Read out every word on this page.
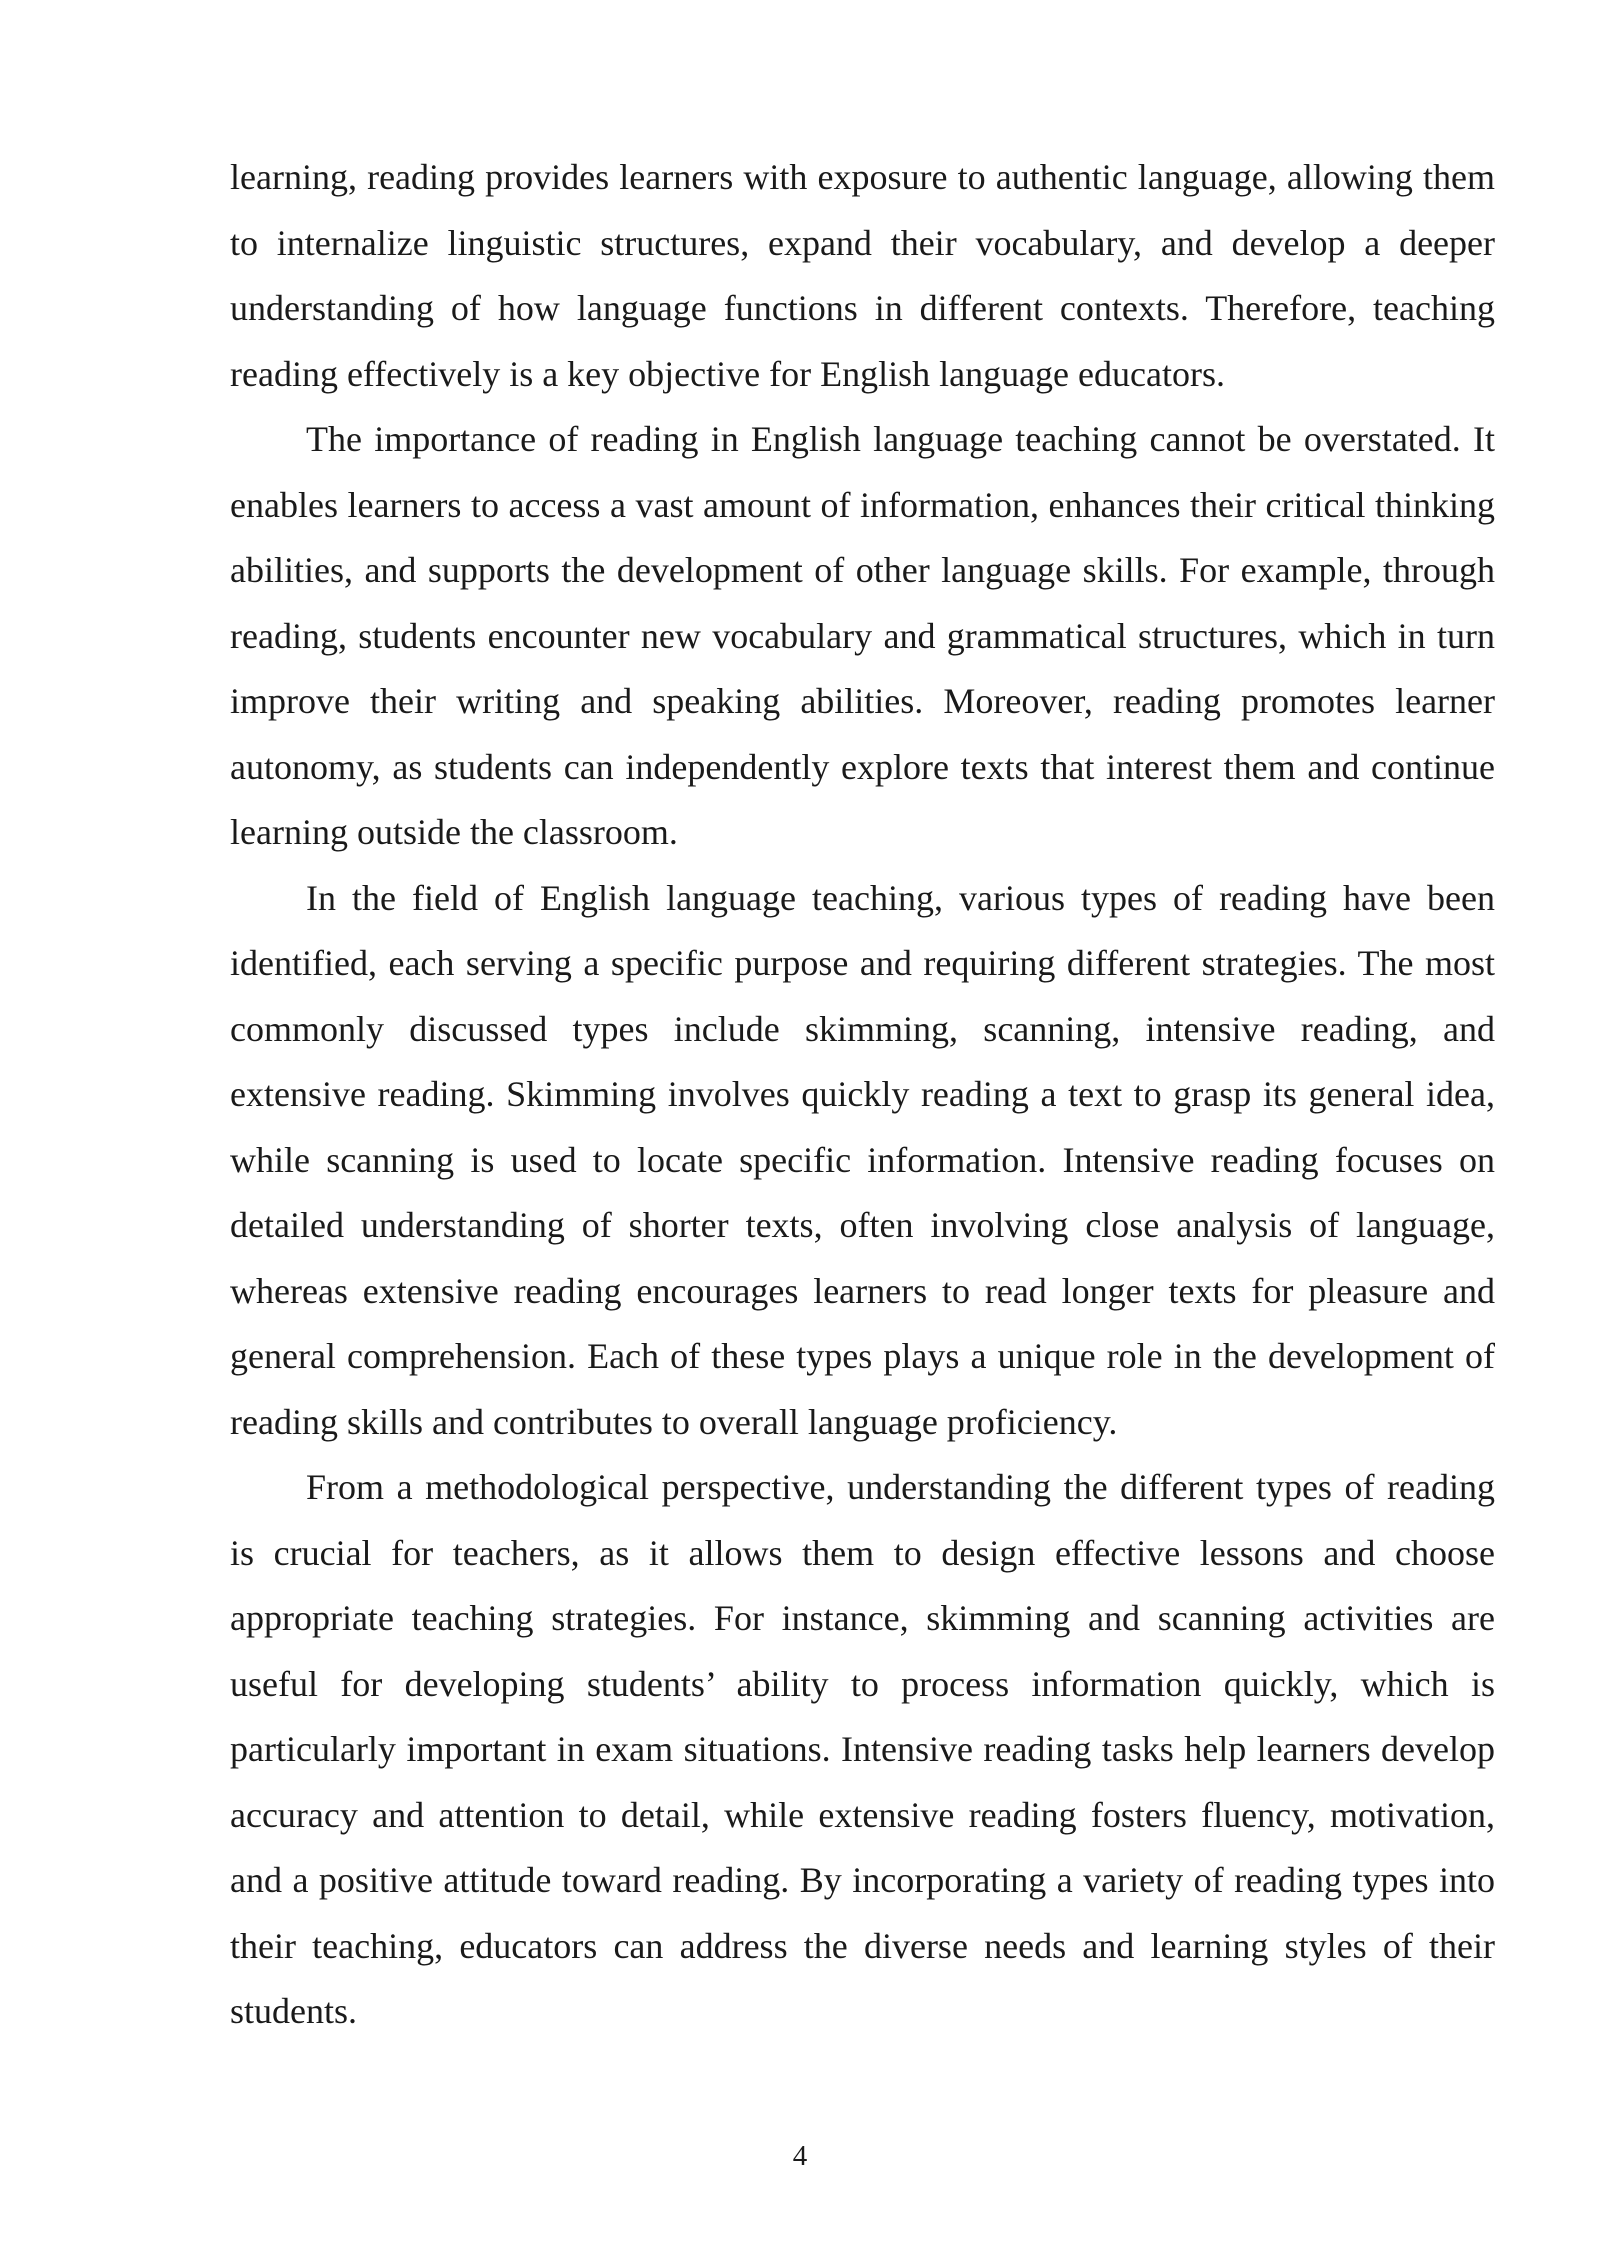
learning, reading provides learners with exposure to authentic language, allowing them to internalize linguistic structures, expand their vocabulary, and develop a deeper understanding of how language functions in different contexts. Therefore, teaching reading effectively is a key objective for English language educators.

The importance of reading in English language teaching cannot be overstated. It enables learners to access a vast amount of information, enhances their critical thinking abilities, and supports the development of other language skills. For example, through reading, students encounter new vocabulary and grammatical structures, which in turn improve their writing and speaking abilities. Moreover, reading promotes learner autonomy, as students can independently explore texts that interest them and continue learning outside the classroom.

In the field of English language teaching, various types of reading have been identified, each serving a specific purpose and requiring different strategies. The most commonly discussed types include skimming, scanning, intensive reading, and extensive reading. Skimming involves quickly reading a text to grasp its general idea, while scanning is used to locate specific information. Intensive reading focuses on detailed understanding of shorter texts, often involving close analysis of language, whereas extensive reading encourages learners to read longer texts for pleasure and general comprehension. Each of these types plays a unique role in the development of reading skills and contributes to overall language proficiency.

From a methodological perspective, understanding the different types of reading is crucial for teachers, as it allows them to design effective lessons and choose appropriate teaching strategies. For instance, skimming and scanning activities are useful for developing students’ ability to process information quickly, which is particularly important in exam situations. Intensive reading tasks help learners develop accuracy and attention to detail, while extensive reading fosters fluency, motivation, and a positive attitude toward reading. By incorporating a variety of reading types into their teaching, educators can address the diverse needs and learning styles of their students.

4
